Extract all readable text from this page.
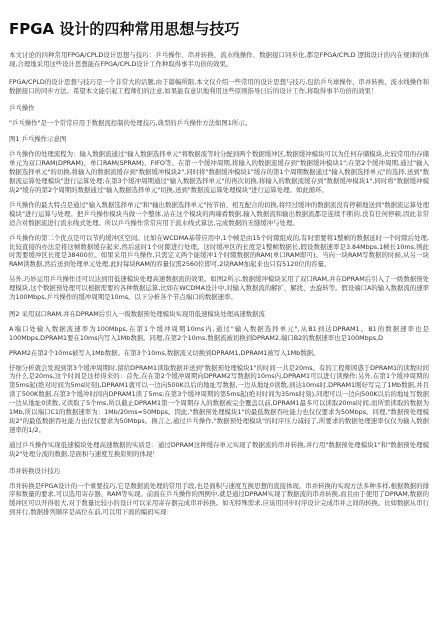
FPGA 设计的四种常用思想与技巧

本文讨论的四种常用FPGA/CPLD设计思想与技巧：乒乓操作、串并转换、流水线操作、数据接口同步化,都是FPGA/CPLD 逻辑设计的内在规律的体现,合理地采用这些设计思想能在FPGA/CPLD设计工作种取得事半功倍的效果。

FPGA/CPLD的设计思想与技巧是一个非常大的话题,由于篇幅所限,本文仅介绍一些常用的设计思想与技巧,包括乒乓球操作、串并转换、流水线操作和数据接口的同步方法。希望本文能引起工程师们的注意,如果能有意识地利用这些原则指导日后的设计工作,将取得事半功倍的效果！

乒乓操作

"乒乓操作"是一个常常应用于数据流控制的处理技巧,典型的乒乓操作方法如图1所示。

图1 乒乓操作示意图

乒乓操作的处理流程为：输入数据流通过"输入数据选择单元"将数据流等时分配到两个数据缓冲区,数据缓冲模块可以为任何存储模块,比较常用的存储单元为双口RAM(DPRAM)、单口RAM(SPRAM)、FIFO等。在第一个缓冲周期,将输入的数据流缓存到"数据缓冲模块1";在第2个缓冲周期,通过"输入数据选择单元"的切换,将输入的数据流缓存到"数据缓冲模块2",同时将"数据缓冲模块1"缓存的第1个周期数据通过"输入数据选择单元"的选择,送到"数据流运算处理模块"进行运算处理;在第3个缓冲周期通过"输入数据选择单元"的再次切换,将输入的数据流缓存到"数据缓冲模块1",同时将"数据缓冲模块2"缓存的第2个周期的数据通过"输入数据选择单元"切换,送到"数据流运算处理模块"进行运算处理。如此循环。

乒乓操作的最大特点是通过"输入数据选择单元"和"输出数据选择单元"按节拍、相互配合的切换,将经过缓冲的数据流没有停顿地送到"数据流运算处理模块"进行运算与处理。把乒乓操作模块当做一个整体,站在这个模块的两端看数据,输入数据流和输出数据流都是连续不断的,没有任何停顿,因此非常适合对数据流进行流水线式处理。所以乒乓操作常常应用于流水线式算法,完成数据的无缝缓冲与处理。

乒乓操作的第二个优点是可以节约缓冲区空间。比如在WCDMA基带应用中,1个帧是由15个时隙组成的,有时需要将1整帧的数据延时一个时隙后处理,比较直接的办法是将这帧数据缓存起来,然后延时1个时隙进行处理。这时缓冲区的长度是1整帧数据长,假设数据速率是3.84Mbps,1帧长10ms,则此时需要缓冲区长度是38400位。如果采用乒乓操作,只需定义两个能缓冲1个时隙数据的RAM(单口RAM即可)。当向一块RAM写数据的时候,从另一块RAM读数据,然后送到处理单元处理,此时每块RAM的容量仅需2560位即可,2块RAM加起来也只有5120位的容量。

另外,巧妙运用乒乓操作还可以达到用低速模块处理高速数据流的效果。如图2所示,数据缓冲模块采用了双口RAM,并在DPRAM后引入了一级数据预处理模块,这个数据预处理可以根据需要的各种数据运算,比如在WCDMA设计中,对输入数据流的解扩、解扰、去旋转等。假设端口A的输入数据流的速率为100Mbps,乒乓操作的缓冲周期是10ms。以下分析各个节点端口的数据速率。

图2 采用双口RAM,并在DPRAM后引入一级数据预处理模块实现用低速模块处理高速数据流

A端口处输入数据流速率为100Mbps,在第1个缓冲周期10ms内,通过"输入数据选择单元",从B1到达DPRAM1。B1的数据速率也是100Mbps,DPRAM1要在10ms内写入1Mb数据。同理,在第2个10ms,数据流被切换到DPRAM2,端口B2的数据速率也是100Mbps,D

PRAM2在第2个10ms被写入1Mb数据。在第3个10ms,数据流又切换到DPRAM1,DPRAM1被写入1Mb数据。

仔细分析就会发现到第3个缓冲周期时,留给DPRAM1读取数据并送到"数据预处理模块1"的时间一共是20ms。有的工程师困惑于DPRAM1的读数时间为什么是20ms,这个时间是这样得来的：首先,在在第2个缓冲周期向DPRAM2写数据的10ms内,DPRAM1可以进行读操作;另外,在第1个缓冲周期的第5ms起(绝对时间为5ms时刻),DPRAM1就可以一边向500K以后的地址写数据,一边从地址0读数,到达10ms时,DPRAM1刚好写完了1Mb数据,并且读了500K数据,在第3个缓冲时间内DPRAM1读了5ms;在第3个缓冲周期的第5ms起(绝对时间为35ms时刻),同理可以一边向500K以后的地址写数据一边从地址0读数,又读取了5个ms,所以截止DPRAM1第一个周期存入的数据被完全覆盖以前,DPRAM1最多可以读取20ms时间,而所需读取的数据为1Mb,所以端口C1的数据速率为：1Mb/20ms=50Mbps。因此,"数据预处理模块1"的最低数据吞吐能力也仅仅要求为50Mbps。同理,"数据预处理模块2"的最低数据吞吐能力也仅仅要求为50Mbps。换言之,通过乒乓操作,"数据预处理模块"的时序压力减轻了,所要求的数据处理速率仅仅为输入数据速率的1/2。

通过乒乓操作实现低速模块处理高速数据的实质是：通过DPRAM这种缓存单元实现了数据流的串并转换,并行用"数据预处理模块1"和"数据预处理模块2"处理分流的数据,是面积与速度互换原则的体现！

串并转换设计技巧

串并转换是FPGA设计的一个重要技巧,它是数据流处理的常用手段,也是面积与速度互换思想的直接体现。串并转换的实现方法多种多样,根据数据的排序和数量的要求,可以选用寄存器、RAM等实现。前面在乒乓操作的图例中,就是通过DPRAM实现了数据流的串并转换,而且由于使用了DPRAM,数据的缓冲区可以开得很大,对于数量比较小的设计可以采用寄存器完成串并转换。如无特殊需求,应该用同步时序设计完成串并之间的转换。比如数据从串行到并行,数据排列顺序是高位在前,可以用下面的编码实现：
